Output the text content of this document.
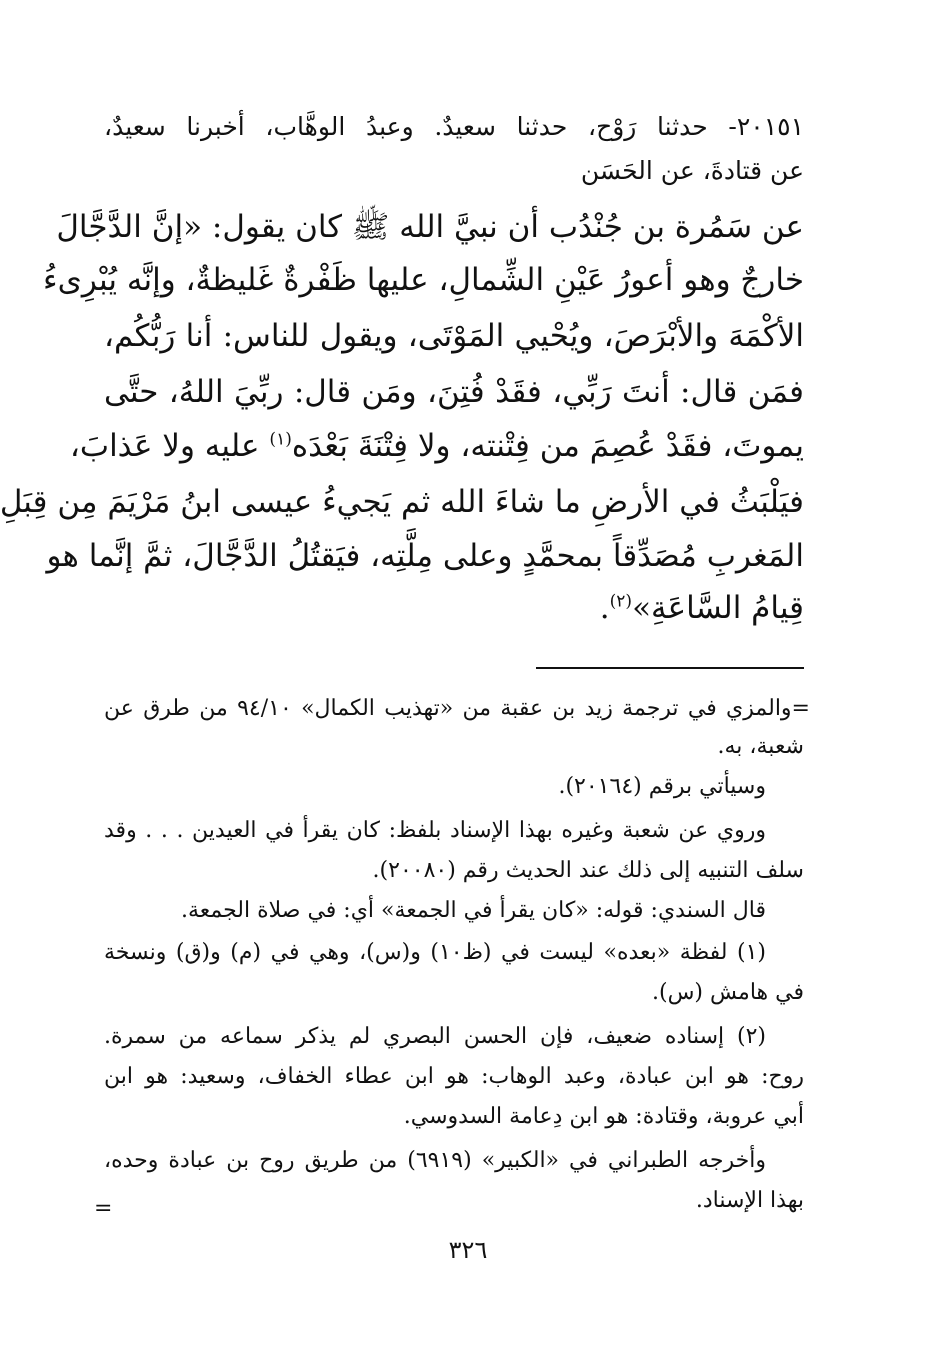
٢٠١٥١- حدثنا رَوْح، حدثنا سعيدٌ. وعبدُ الوهَّاب، أخبرنا سعيدٌ،
عن قتادةَ، عن الحَسَن
عن سَمُرة بن جُنْدُب أن نبيَّ الله ﷺ كان يقول: «إنَّ الدَّجَّالَ
خارجٌ وهو أعورُ عَيْنِ الشِّمالِ، عليها ظَفْرةٌ غَليظةٌ، وإنَّه يُبْرِىءُ
الأكْمَهَ والأبْرَصَ، ويُحْيي المَوْتَى، ويقول للناس: أنا رَبُّكُم،
فمَن قال: أنتَ رَبِّي، فقَدْ فُتِنَ، ومَن قال: ربِّيَ اللهُ، حتَّى
يموتَ، فقَدْ عُصِمَ من فِتْنته، ولا فِتْنَةَ بَعْدَه$^{(١)}$ عليه ولا عَذابَ،
فيَلْبَثُ في الأرضِ ما شاءَ الله ثم يَجيءُ عيسى ابنُ مَرْيَمَ مِن قِبَلِ
المَغربِ مُصَدِّقاً بمحمَّدٍ وعلى مِلَّتِه، فيَقتُلُ الدَّجَّالَ، ثمَّ إنَّما هو
قِيامُ السَّاعَةِ»$^{(٢)}$.
=والمزي في ترجمة زيد بن عقبة من «تهذيب الكمال» ٩٤/١٠ من طرق عن
شعبة، به.
وسيأتي برقم (٢٠١٦٤).
وروي عن شعبة وغيره بهذا الإسناد بلفظ: كان يقرأ في العيدين . . . وقد
سلف التنبيه إلى ذلك عند الحديث رقم (٢٠٠٨٠).
قال السندي: قوله: «كان يقرأ في الجمعة» أي: في صلاة الجمعة.
(١) لفظة «بعده» ليست في (ظ١٠) و(س)، وهي في (م) و(ق) ونسخة
في هامش (س).
(٢) إسناده ضعيف، فإن الحسن البصري لم يذكر سماعه من سمرة.
روح: هو ابن عبادة، وعبد الوهاب: هو ابن عطاء الخفاف، وسعيد: هو ابن
أبي عروبة، وقتادة: هو ابن دِعامة السدوسي.
وأخرجه الطبراني في «الكبير» (٦٩١٩) من طريق روح بن عبادة وحده،
بهذا الإسناد.
=
٣٢٦
